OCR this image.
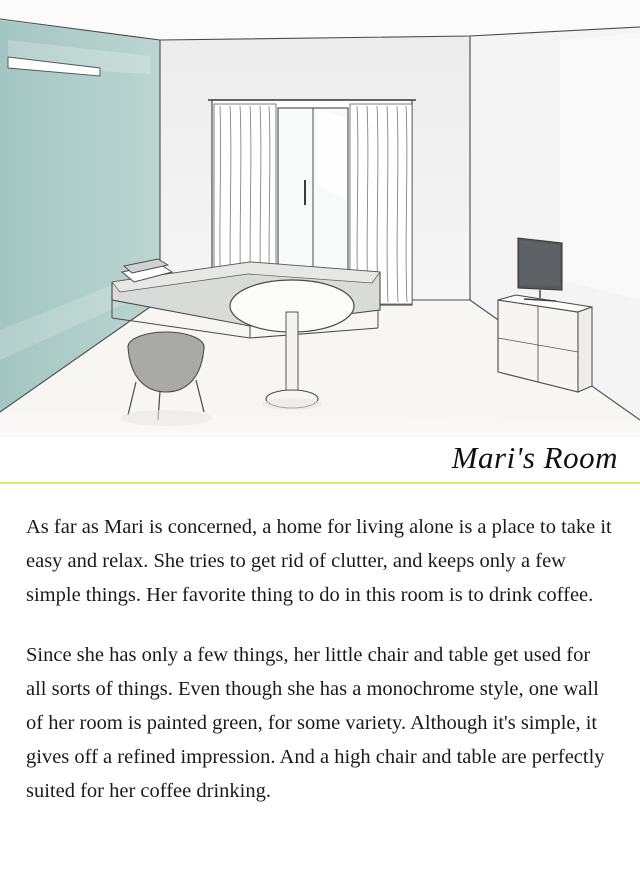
Mari's Room

As far as Mari is concerned, a home for living alone is a place to take it easy and relax. She tries to get rid of clutter, and keeps only a few simple things. Her favorite thing to do in this room is to drink coffee.

Since she has only a few things, her little chair and table get used for all sorts of things. Even though she has a monochrome style, one wall of her room is painted green, for some variety. Although it's simple, it gives off a refined impression. And a high chair and table are perfectly suited for her coffee drinking.
